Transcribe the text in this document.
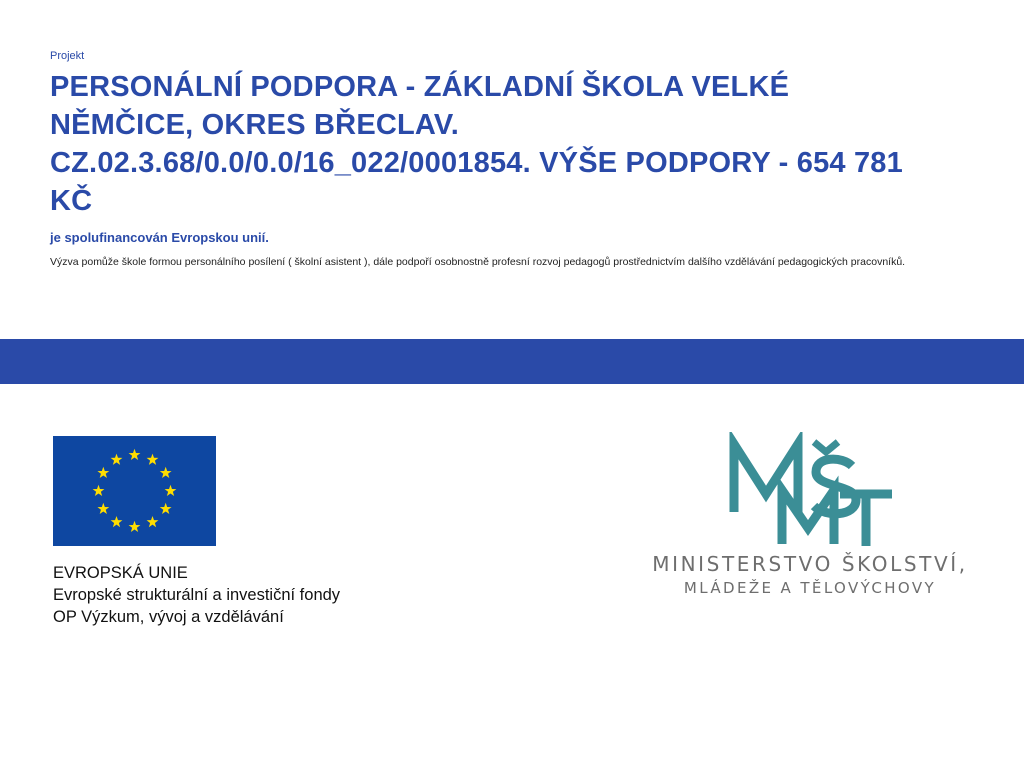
Projekt

PERSONÁLNÍ PODPORA - ZÁKLADNÍ ŠKOLA VELKÉ
NĚMČICE, OKRES BŘECLAV.
CZ.02.3.68/0.0/0.0/16_022/0001854. VÝŠE PODPORY - 654 781
KČ

je spolufinancován Evropskou unií.

Výzva pomůže škole formou personálního posílení ( školní asistent ), dále podpoří osobnostně profesní rozvoj pedagogů prostřednictvím dalšího vzdělávání pedagogických pracovníků.

EVROPSKÁ UNIE
Evropské strukturální a investiční fondy
OP Výzkum, vývoj a vzdělávání
MINISTERSTVO ŠKOLSTVÍ,
MLÁDEŽE A TĚLOVÝCHOVY
